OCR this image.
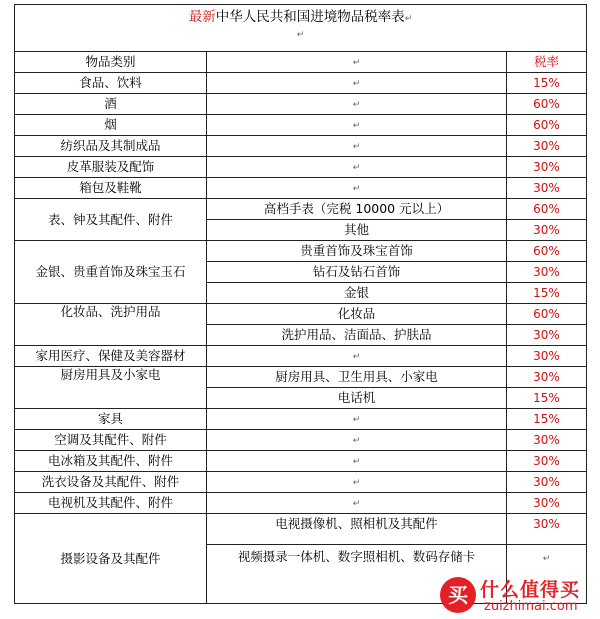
最新中华人民共和国进境物品税率表↵
↵		

物品类别	↵	税率
食品、饮料	↵	15%
酒	↵	60%
烟	↵	60%
纺织品及其制成品	↵	30%
皮革服装及配饰	↵	30%
箱包及鞋靴	↵	30%
表、钟及其配件、附件	高档手表（完税 10000 元以上）	60%
	其他	30%
金银、贵重首饰及珠宝玉石	贵重首饰及珠宝首饰	60%
	钻石及钻石首饰	30%
	金银	15%
化妆品、洗护用品	化妆品	60%
	洗护用品、洁面品、护肤品	30%
家用医疗、保健及美容器材	↵	30%
厨房用具及小家电	厨房用具、卫生用具、小家电	30%
	电话机	15%
家具	↵	15%
空调及其配件、附件	↵	30%
电冰箱及其配件、附件	↵	30%
洗衣设备及其配件、附件	↵	30%
电视机及其配件、附件	↵	30%
摄影设备及其配件	电视摄像机、照相机及其配件	30%
	视频摄录一体机、数字照相机、数码存储卡	↵
买 什么值得买
zuizhimai.com
